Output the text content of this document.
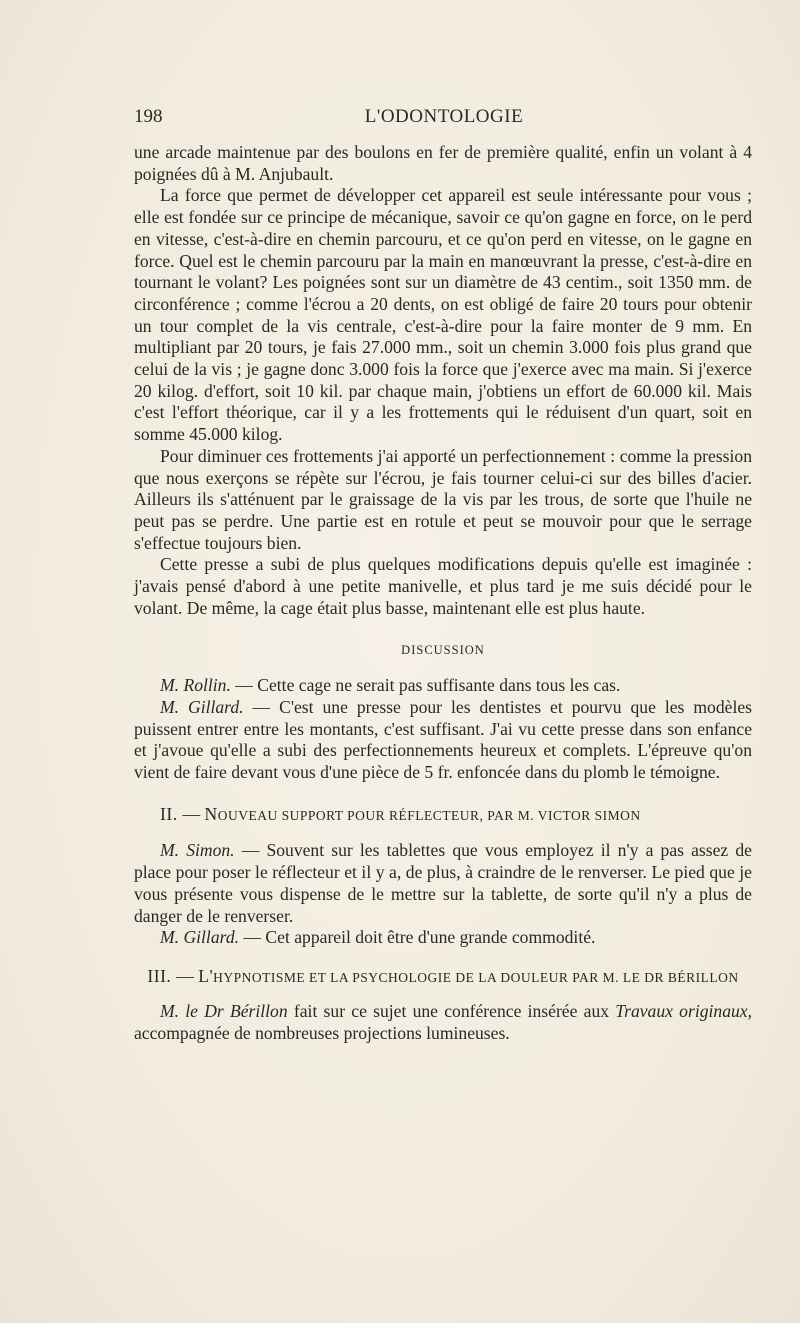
198	L'ODONTOLOGIE

une arcade maintenue par des boulons en fer de première qualité, enfin un volant à 4 poignées dû à M. Anjubault.

La force que permet de développer cet appareil est seule intéressante pour vous ; elle est fondée sur ce principe de mécanique, savoir ce qu'on gagne en force, on le perd en vitesse, c'est-à-dire en chemin parcouru, et ce qu'on perd en vitesse, on le gagne en force. Quel est le chemin parcouru par la main en manœuvrant la presse, c'est-à-dire en tournant le volant? Les poignées sont sur un diamètre de 43 centim., soit 1350 mm. de circonférence ; comme l'écrou a 20 dents, on est obligé de faire 20 tours pour obtenir un tour complet de la vis centrale, c'est-à-dire pour la faire monter de 9 mm. En multipliant par 20 tours, je fais 27.000 mm., soit un chemin 3.000 fois plus grand que celui de la vis ; je gagne donc 3.000 fois la force que j'exerce avec ma main. Si j'exerce 20 kilog. d'effort, soit 10 kil. par chaque main, j'obtiens un effort de 60.000 kil. Mais c'est l'effort théorique, car il y a les frottements qui le réduisent d'un quart, soit en somme 45.000 kilog.

Pour diminuer ces frottements j'ai apporté un perfectionnement : comme la pression que nous exerçons se répète sur l'écrou, je fais tourner celui-ci sur des billes d'acier. Ailleurs ils s'atténuent par le graissage de la vis par les trous, de sorte que l'huile ne peut pas se perdre. Une partie est en rotule et peut se mouvoir pour que le serrage s'effectue toujours bien.

Cette presse a subi de plus quelques modifications depuis qu'elle est imaginée : j'avais pensé d'abord à une petite manivelle, et plus tard je me suis décidé pour le volant. De même, la cage était plus basse, maintenant elle est plus haute.

DISCUSSION

M. Rollin. — Cette cage ne serait pas suffisante dans tous les cas.

M. Gillard. — C'est une presse pour les dentistes et pourvu que les modèles puissent entrer entre les montants, c'est suffisant. J'ai vu cette presse dans son enfance et j'avoue qu'elle a subi des perfectionnements heureux et complets. L'épreuve qu'on vient de faire devant vous d'une pièce de 5 fr. enfoncée dans du plomb le témoigne.

II. — NOUVEAU SUPPORT POUR RÉFLECTEUR, PAR M. VICTOR SIMON

M. Simon. — Souvent sur les tablettes que vous employez il n'y a pas assez de place pour poser le réflecteur et il y a, de plus, à craindre de le renverser. Le pied que je vous présente vous dispense de le mettre sur la tablette, de sorte qu'il n'y a plus de danger de le renverser.

M. Gillard. — Cet appareil doit être d'une grande commodité.

III. — L'HYPNOTISME ET LA PSYCHOLOGIE DE LA DOULEUR PAR M. LE DR BÉRILLON

M. le Dr Bérillon fait sur ce sujet une conférence insérée aux Travaux originaux, accompagnée de nombreuses projections lumineuses.
